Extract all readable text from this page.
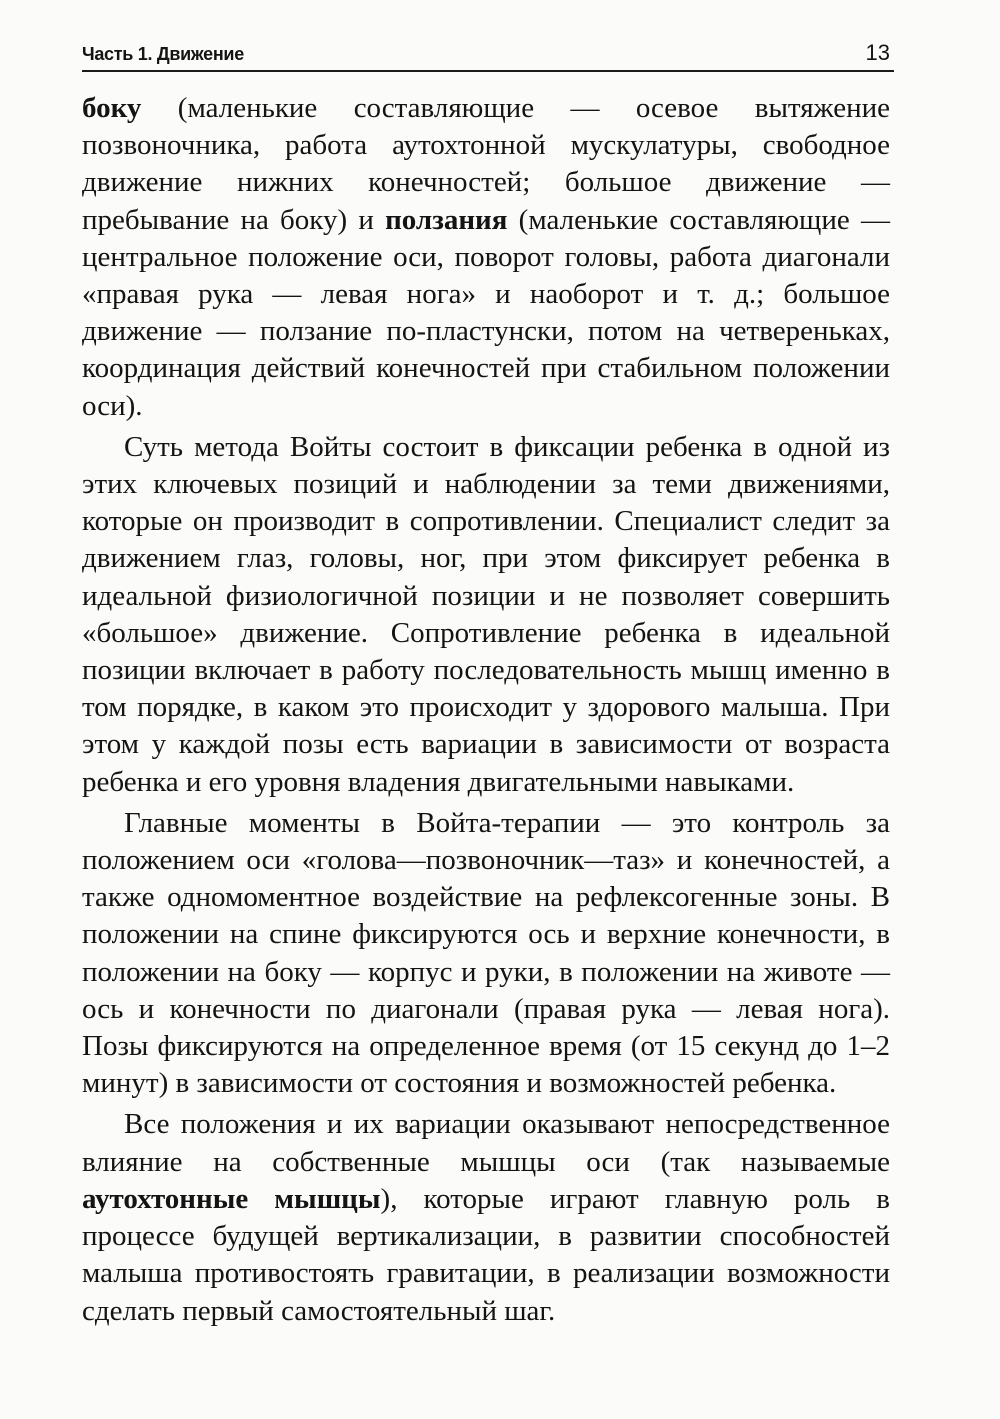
Часть 1. Движение	13

боку (маленькие составляющие — осевое вытяжение позвоночника, работа аутохтонной мускулатуры, свободное движение нижних конечностей; большое движение — пребывание на боку) и ползания (маленькие составляющие — центральное положение оси, поворот головы, работа диагонали «правая рука — левая нога» и наоборот и т. д.; большое движение — ползание по-пластунски, потом на четвереньках, координация действий конечностей при стабильном положении оси).

Суть метода Войты состоит в фиксации ребенка в одной из этих ключевых позиций и наблюдении за теми движениями, которые он производит в сопротивлении. Специалист следит за движением глаз, головы, ног, при этом фиксирует ребенка в идеальной физиологичной позиции и не позволяет совершить «большое» движение. Сопротивление ребенка в идеальной позиции включает в работу последовательность мышц именно в том порядке, в каком это происходит у здорового малыша. При этом у каждой позы есть вариации в зависимости от возраста ребенка и его уровня владения двигательными навыками.

Главные моменты в Войта-терапии — это контроль за положением оси «голова—позвоночник—таз» и конечностей, а также одномоментное воздействие на рефлексогенные зоны. В положении на спине фиксируются ось и верхние конечности, в положении на боку — корпус и руки, в положении на животе — ось и конечности по диагонали (правая рука — левая нога). Позы фиксируются на определенное время (от 15 секунд до 1–2 минут) в зависимости от состояния и возможностей ребенка.

Все положения и их вариации оказывают непосредственное влияние на собственные мышцы оси (так называемые аутохтонные мышцы), которые играют главную роль в процессе будущей вертикализации, в развитии способностей малыша противостоять гравитации, в реализации возможности сделать первый самостоятельный шаг.
